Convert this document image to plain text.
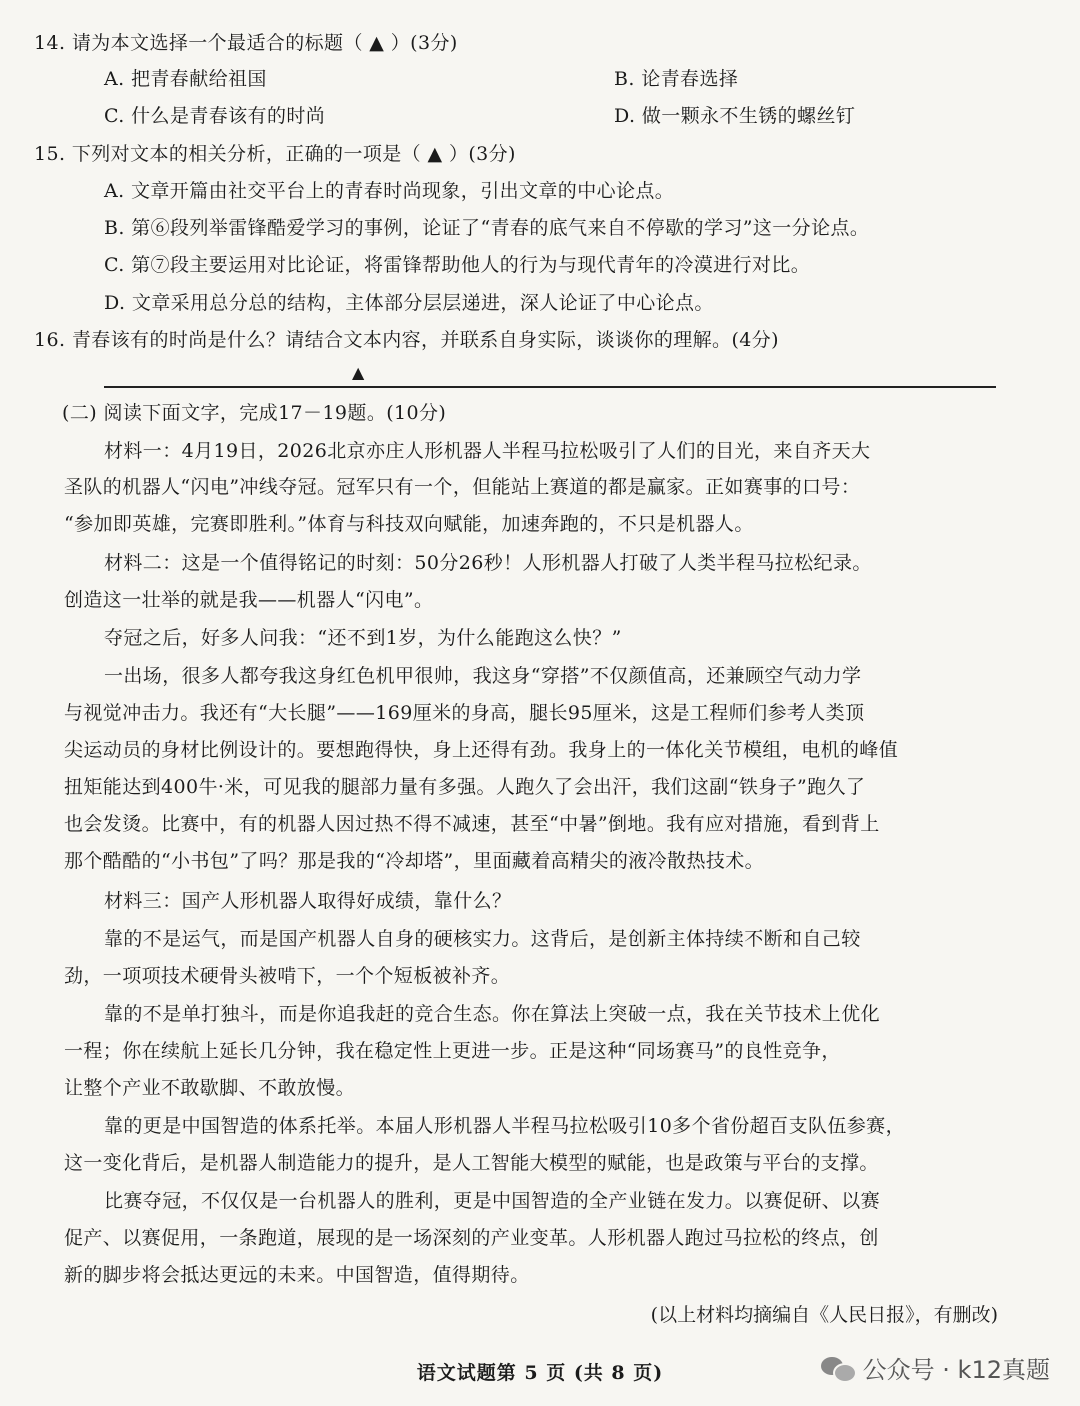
14. 请为本文选择一个最适合的标题（ ▲ ）(3分)
A. 把青春献给祖国	B. 论青春选择
C. 什么是青春该有的时尚	D. 做一颗永不生锈的螺丝钉
15. 下列对文本的相关分析，正确的一项是（ ▲ ）(3分)
A. 文章开篇由社交平台上的青春时尚现象，引出文章的中心论点。
B. 第⑥段列举雷锋酷爱学习的事例，论证了“青春的底气来自不停歇的学习”这一分论点。
C. 第⑦段主要运用对比论证，将雷锋帮助他人的行为与现代青年的冷漠进行对比。
D. 文章采用总分总的结构，主体部分层层递进，深人论证了中心论点。
16. 青春该有的时尚是什么？请结合文本内容，并联系自身实际，谈谈你的理解。(4分)
▲
(二) 阅读下面文字，完成17－19题。(10分)
材料一：4月19日，2026北京亦庄人形机器人半程马拉松吸引了人们的目光，来自齐天大
圣队的机器人“闪电”冲线夺冠。冠军只有一个，但能站上赛道的都是赢家。正如赛事的口号：
“参加即英雄，完赛即胜利。”体育与科技双向赋能，加速奔跑的，不只是机器人。
材料二：这是一个值得铭记的时刻：50分26秒！人形机器人打破了人类半程马拉松纪录。
创造这一壮举的就是我——机器人“闪电”。
夺冠之后，好多人问我：“还不到1岁，为什么能跑这么快？”
一出场，很多人都夸我这身红色机甲很帅，我这身“穿搭”不仅颜值高，还兼顾空气动力学
与视觉冲击力。我还有“大长腿”——169厘米的身高，腿长95厘米，这是工程师们参考人类顶
尖运动员的身材比例设计的。要想跑得快，身上还得有劲。我身上的一体化关节模组，电机的峰值
扭矩能达到400牛·米，可见我的腿部力量有多强。人跑久了会出汗，我们这副“铁身子”跑久了
也会发烫。比赛中，有的机器人因过热不得不减速，甚至“中暑”倒地。我有应对措施，看到背上
那个酷酷的“小书包”了吗？那是我的“冷却塔”，里面藏着高精尖的液冷散热技术。
材料三：国产人形机器人取得好成绩，靠什么？
靠的不是运气，而是国产机器人自身的硬核实力。这背后，是创新主体持续不断和自己较
劲，一项项技术硬骨头被啃下，一个个短板被补齐。
靠的不是单打独斗，而是你追我赶的竞合生态。你在算法上突破一点，我在关节技术上优化
一程；你在续航上延长几分钟，我在稳定性上更进一步。正是这种“同场赛马”的良性竞争，
让整个产业不敢歇脚、不敢放慢。
靠的更是中国智造的体系托举。本届人形机器人半程马拉松吸引10多个省份超百支队伍参赛，
这一变化背后，是机器人制造能力的提升，是人工智能大模型的赋能，也是政策与平台的支撑。
比赛夺冠，不仅仅是一台机器人的胜利，更是中国智造的全产业链在发力。以赛促研、以赛
促产、以赛促用，一条跑道，展现的是一场深刻的产业变革。人形机器人跑过马拉松的终点，创
新的脚步将会抵达更远的未来。中国智造，值得期待。
(以上材料均摘编自《人民日报》，有删改)
语文试题第 5 页 (共 8 页)	公众号 · k12真题
